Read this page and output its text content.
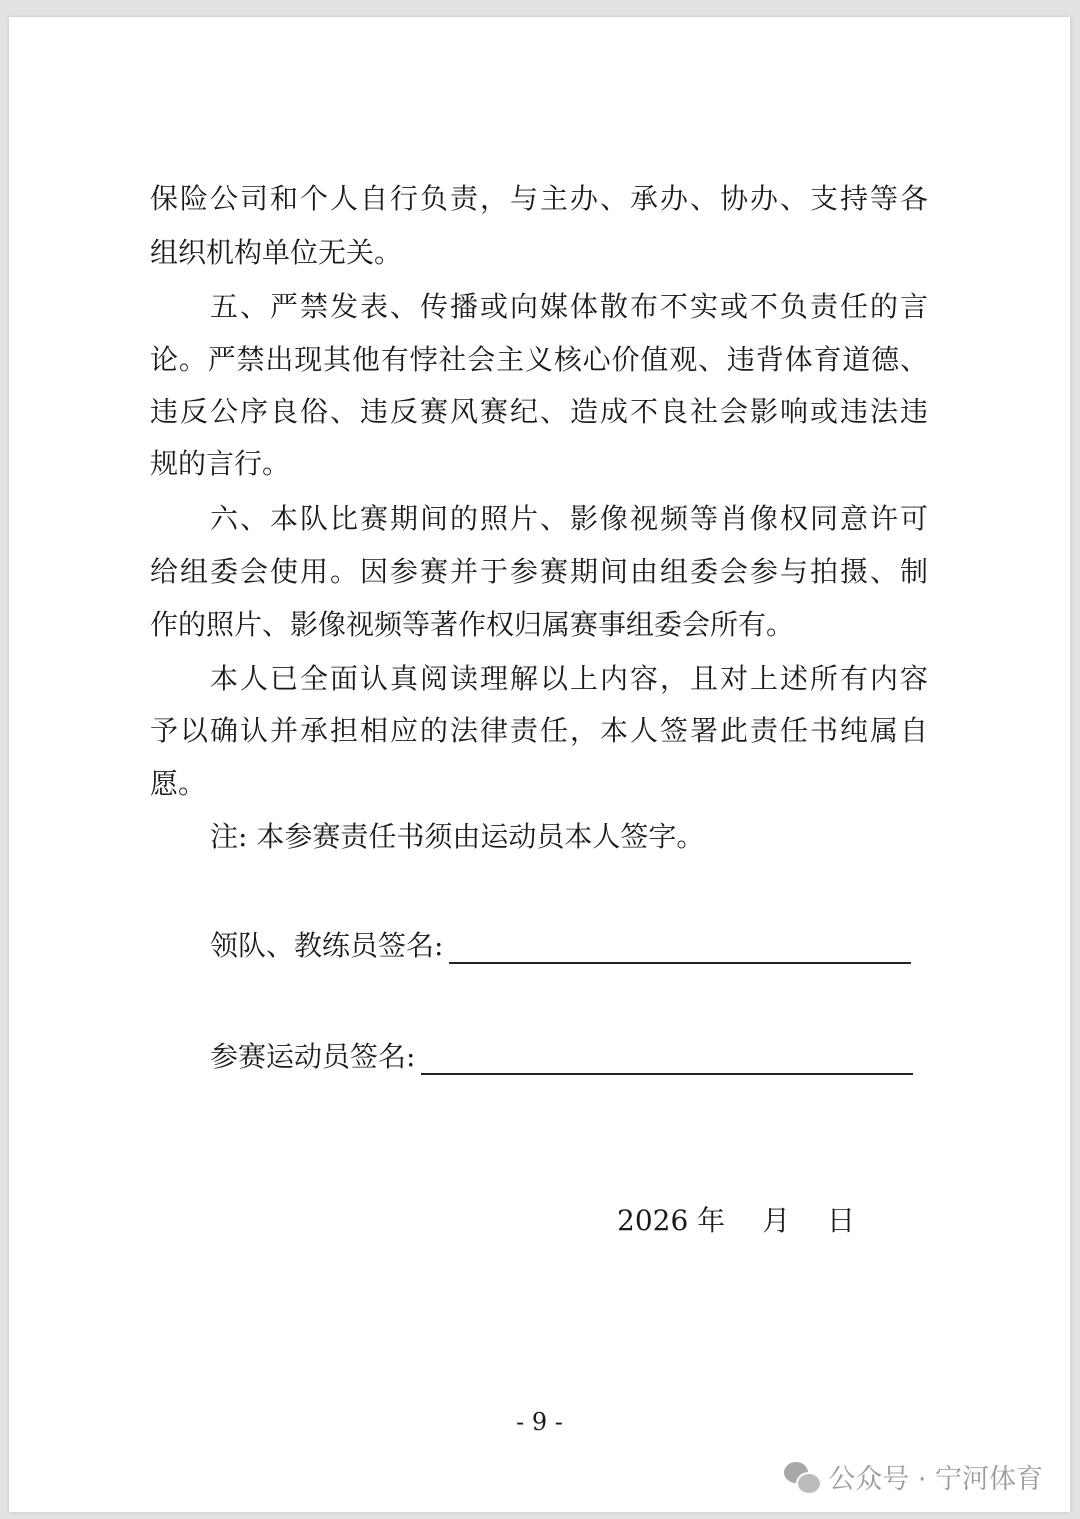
保险公司和个人自行负责，与主办、承办、协办、支持等各
组织机构单位无关。
五、严禁发表、传播或向媒体散布不实或不负责任的言
论。严禁出现其他有悖社会主义核心价值观、违背体育道德、
违反公序良俗、违反赛风赛纪、造成不良社会影响或违法违
规的言行。
六、本队比赛期间的照片、影像视频等肖像权同意许可
给组委会使用。因参赛并于参赛期间由组委会参与拍摄、制
作的照片、影像视频等著作权归属赛事组委会所有。
本人已全面认真阅读理解以上内容，且对上述所有内容
予以确认并承担相应的法律责任，本人签署此责任书纯属自
愿。
注: 本参赛责任书须由运动员本人签字。
领队、教练员签名:
参赛运动员签名:
2026 年 月 日
- 9 -
公众号 · 宁河体育
